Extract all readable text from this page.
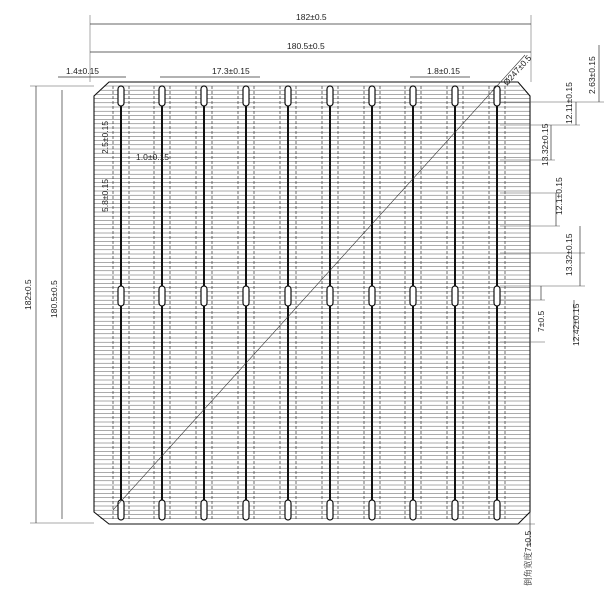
182±0.5
180.5±0.5
1.4±0.15	17.3±0.15	1.8±0.15	Ø247±0.5
182±0.5 180.5±0.5
2.5±0.15
1.0±0.15
5.8±0.15
2.63±0.15
12.11±0.15
13.32±0.15
12.1±0.15
13.32±0.15
7±0.5	12.42±0.15
倒角宽度7±0.5
